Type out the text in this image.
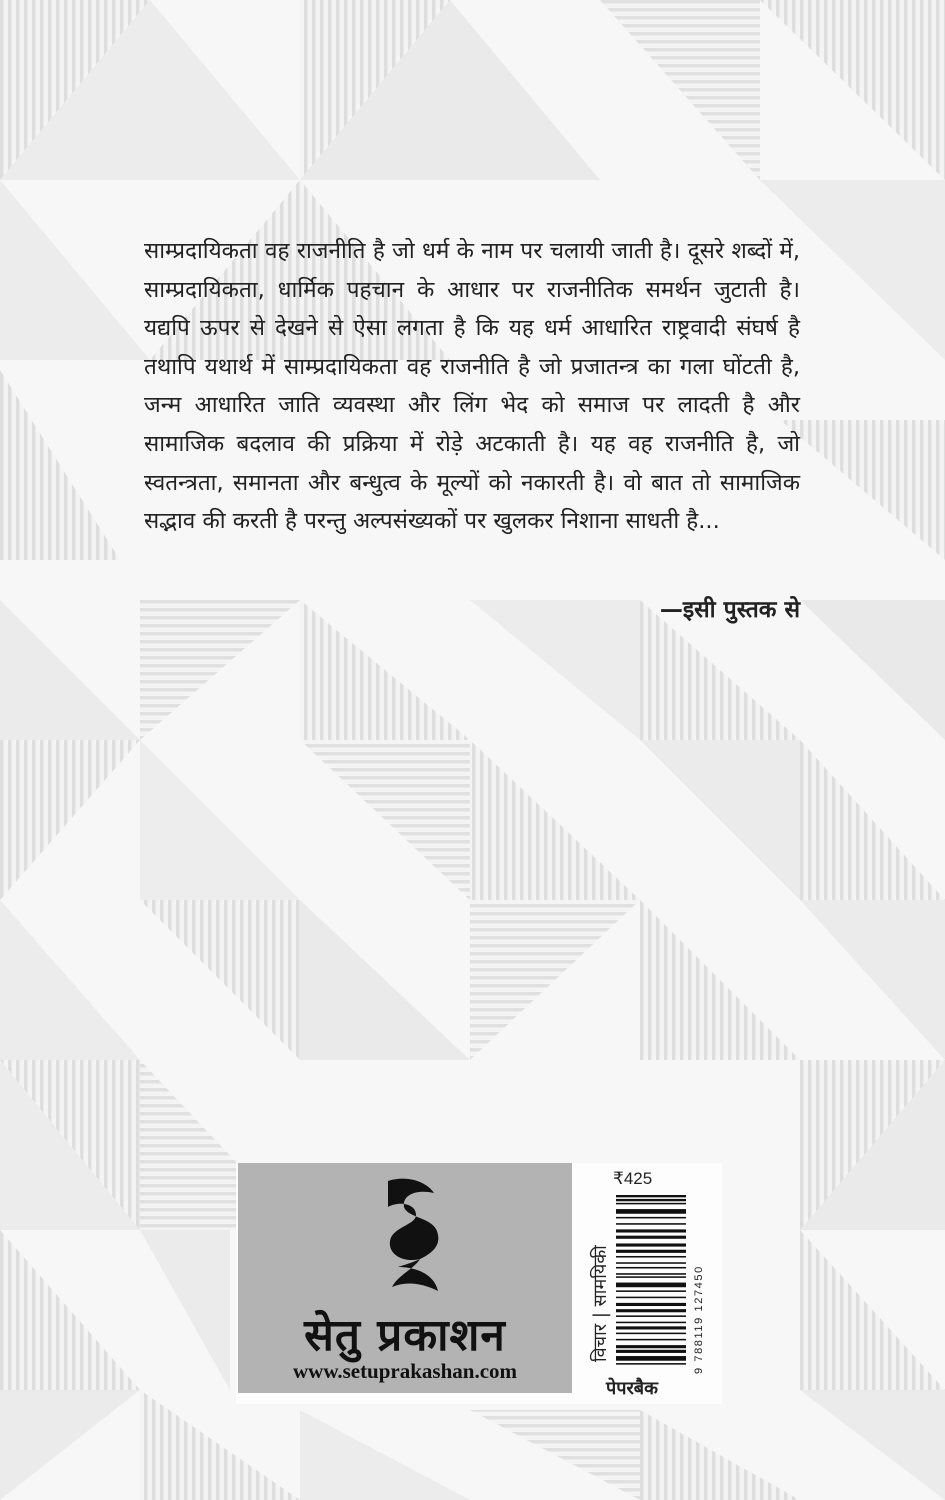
साम्प्रदायिकता वह राजनीति है जो धर्म के नाम पर चलायी जाती है। दूसरे शब्दों में, साम्प्रदायिकता, धार्मिक पहचान के आधार पर राजनीतिक समर्थन जुटाती है। यद्यपि ऊपर से देखने से ऐसा लगता है कि यह धर्म आधारित राष्ट्रवादी संघर्ष है तथापि यथार्थ में साम्प्रदायिकता वह राजनीति है जो प्रजातन्त्र का गला घोंटती है, जन्म आधारित जाति व्यवस्था और लिंग भेद को समाज पर लादती है और सामाजिक बदलाव की प्रक्रिया में रोड़े अटकाती है। यह वह राजनीति है, जो स्वतन्त्रता, समानता और बन्धुत्व के मूल्यों को नकारती है। वो बात तो सामाजिक सद्भाव की करती है परन्तु अल्पसंख्यकों पर खुलकर निशाना साधती है...

—इसी पुस्तक से
सेतु प्रकाशन
www.setuprakashan.com
₹425
विचार | सामयिकी	9 788119 127450
पेपरबैक
